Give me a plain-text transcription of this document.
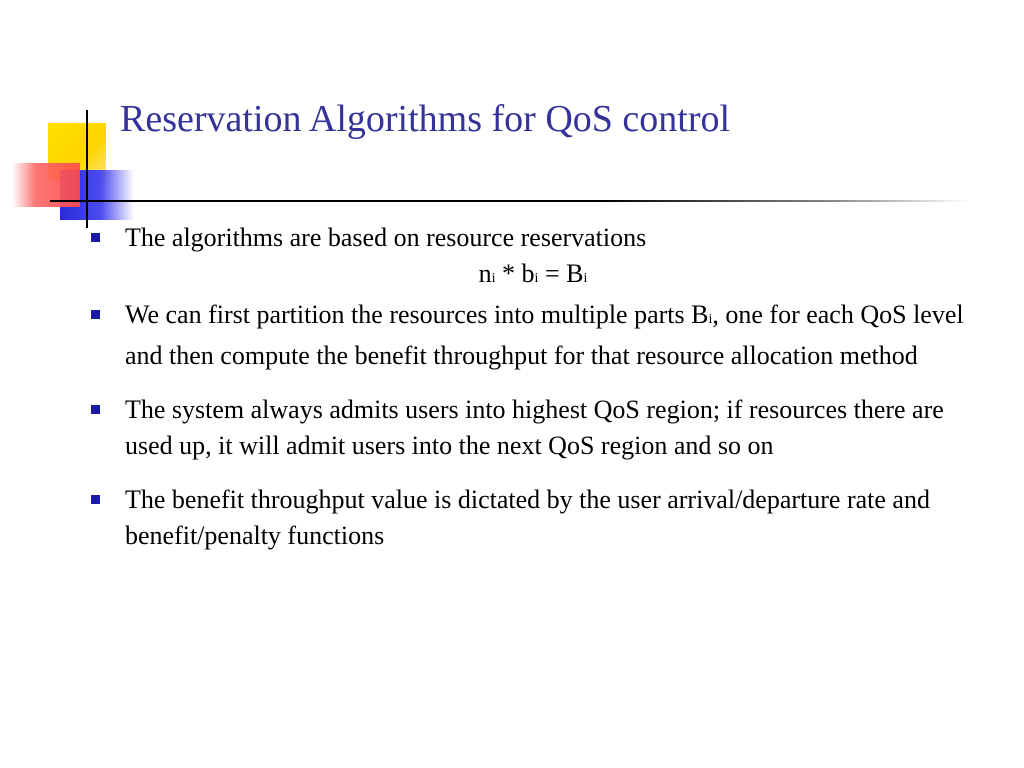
Reservation Algorithms for QoS control
The algorithms are based on resource reservations
ni * bi = Bi
We can first partition the resources into multiple parts Bi, one for each QoS level and then compute the benefit throughput for that resource allocation method
The system always admits users into highest QoS region; if resources there are used up, it will admit users into the next QoS region and so on
The benefit throughput value is dictated by the user arrival/departure rate and benefit/penalty functions
